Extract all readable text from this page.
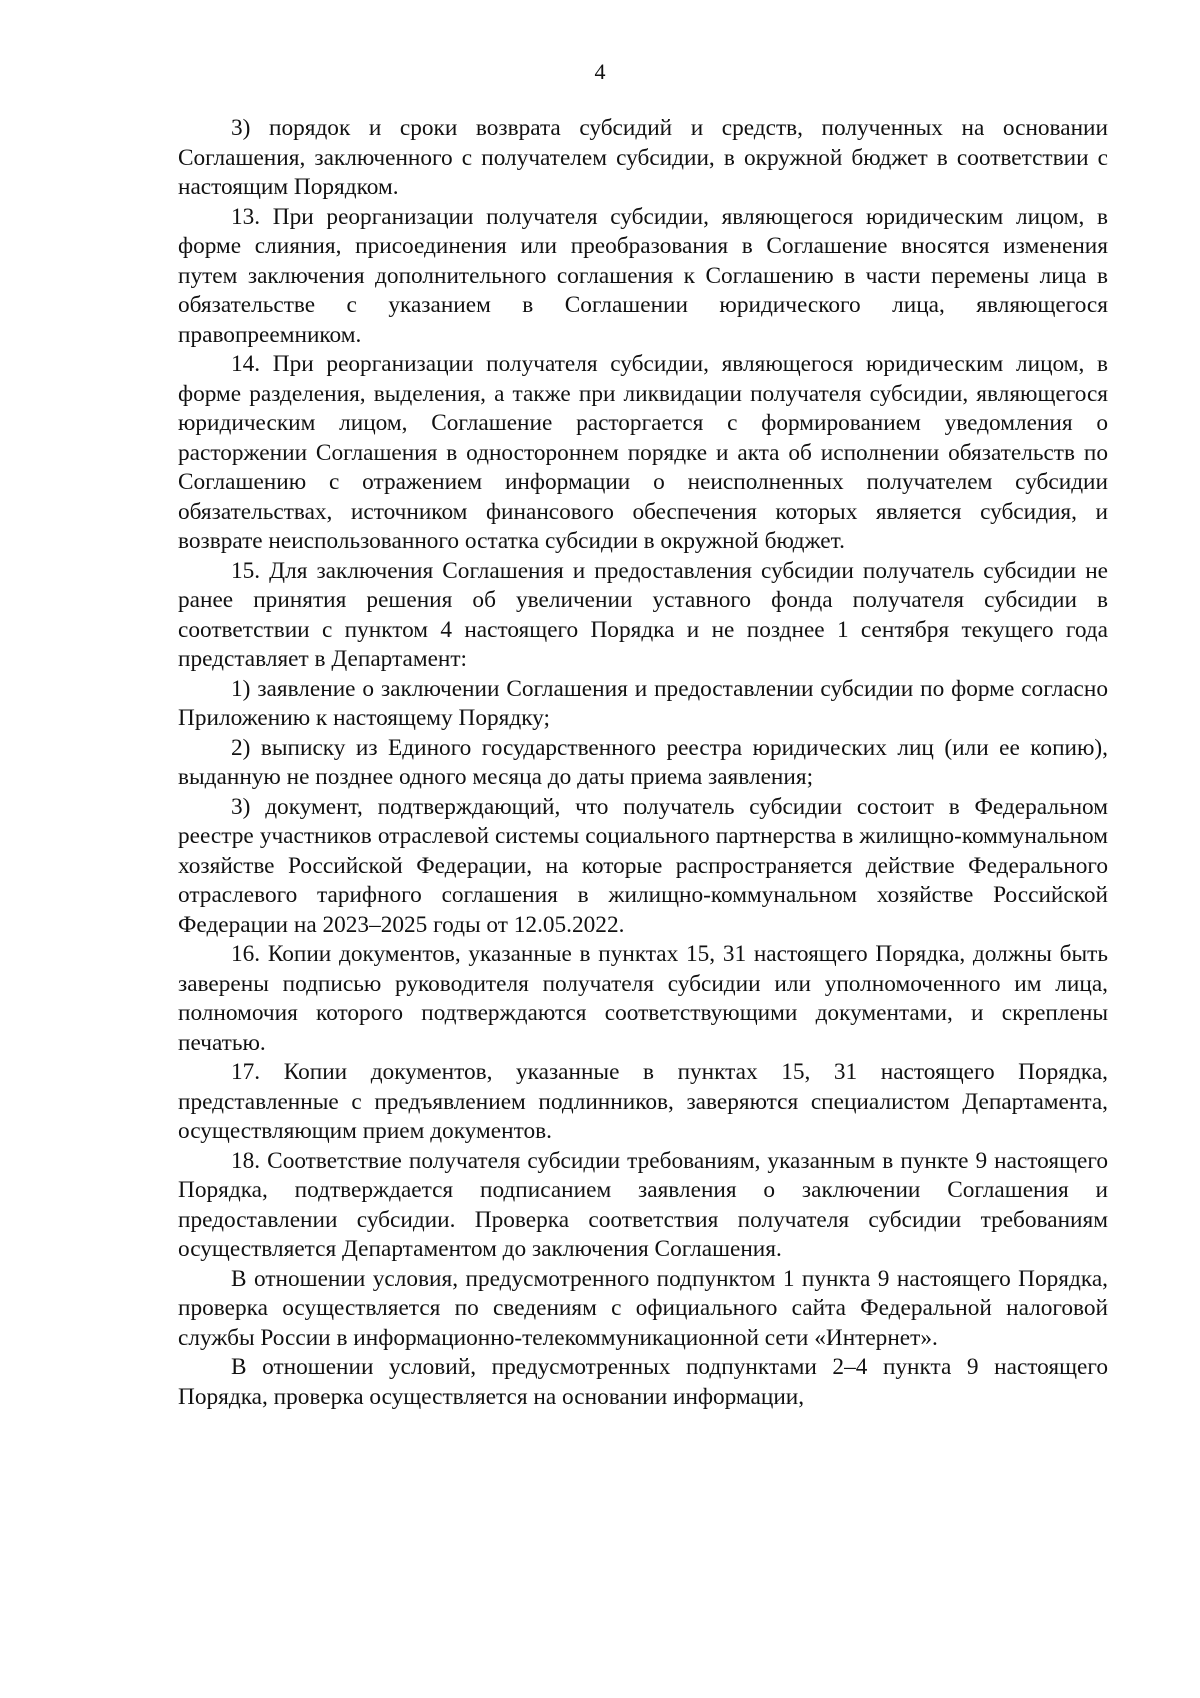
4

3) порядок и сроки возврата субсидий и средств, полученных на основании Соглашения, заключенного с получателем субсидии, в окружной бюджет в соответствии с настоящим Порядком.

13. При реорганизации получателя субсидии, являющегося юридическим лицом, в форме слияния, присоединения или преобразования в Соглашение вносятся изменения путем заключения дополнительного соглашения к Соглашению в части перемены лица в обязательстве с указанием в Соглашении юридического лица, являющегося правопреемником.

14. При реорганизации получателя субсидии, являющегося юридическим лицом, в форме разделения, выделения, а также при ликвидации получателя субсидии, являющегося юридическим лицом, Соглашение расторгается с формированием уведомления о расторжении Соглашения в одностороннем порядке и акта об исполнении обязательств по Соглашению с отражением информации о неисполненных получателем субсидии обязательствах, источником финансового обеспечения которых является субсидия, и возврате неиспользованного остатка субсидии в окружной бюджет.

15. Для заключения Соглашения и предоставления субсидии получатель субсидии не ранее принятия решения об увеличении уставного фонда получателя субсидии в соответствии с пунктом 4 настоящего Порядка и не позднее 1 сентября текущего года представляет в Департамент:

1) заявление о заключении Соглашения и предоставлении субсидии по форме согласно Приложению к настоящему Порядку;

2) выписку из Единого государственного реестра юридических лиц (или ее копию), выданную не позднее одного месяца до даты приема заявления;

3) документ, подтверждающий, что получатель субсидии состоит в Федеральном реестре участников отраслевой системы социального партнерства в жилищно-коммунальном хозяйстве Российской Федерации, на которые распространяется действие Федерального отраслевого тарифного соглашения в жилищно-коммунальном хозяйстве Российской Федерации на 2023–2025 годы от 12.05.2022.

16. Копии документов, указанные в пунктах 15, 31 настоящего Порядка, должны быть заверены подписью руководителя получателя субсидии или уполномоченного им лица, полномочия которого подтверждаются соответствующими документами, и скреплены печатью.

17. Копии документов, указанные в пунктах 15, 31 настоящего Порядка, представленные с предъявлением подлинников, заверяются специалистом Департамента, осуществляющим прием документов.

18. Соответствие получателя субсидии требованиям, указанным в пункте 9 настоящего Порядка, подтверждается подписанием заявления о заключении Соглашения и предоставлении субсидии. Проверка соответствия получателя субсидии требованиям осуществляется Департаментом до заключения Соглашения.

В отношении условия, предусмотренного подпунктом 1 пункта 9 настоящего Порядка, проверка осуществляется по сведениям с официального сайта Федеральной налоговой службы России в информационно-телекоммуникационной сети «Интернет».

В отношении условий, предусмотренных подпунктами 2–4 пункта 9 настоящего Порядка, проверка осуществляется на основании информации,
